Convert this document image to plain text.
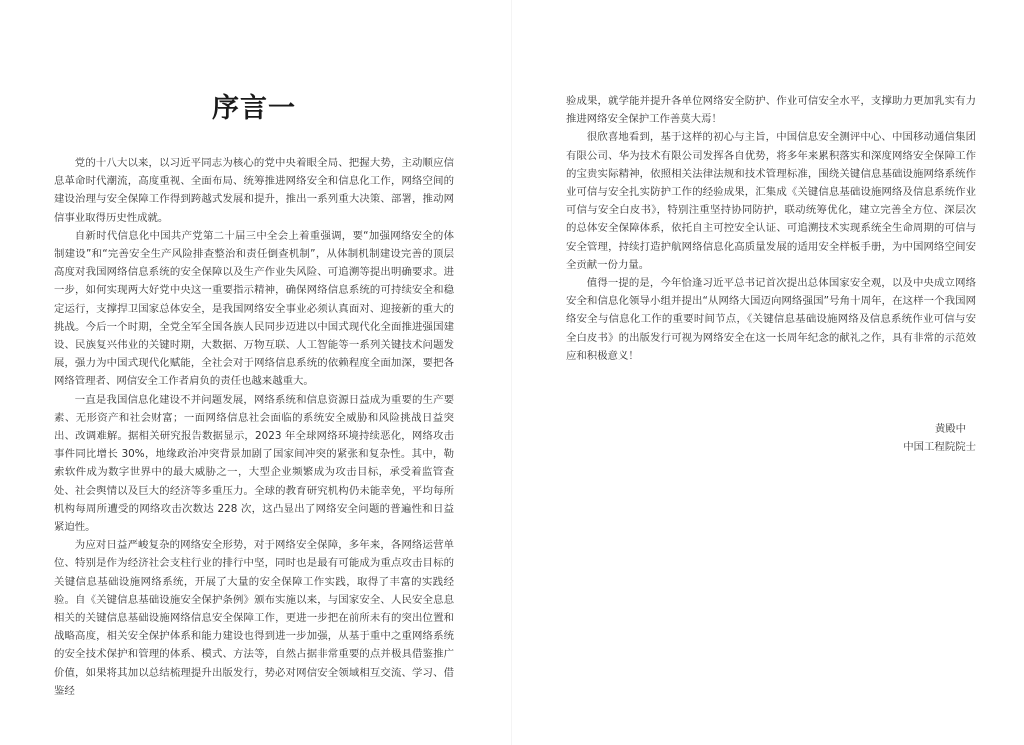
序言一

党的十八大以来，以习近平同志为核心的党中央着眼全局、把握大势，主动顺应信息革命时代潮流，高度重视、全面布局、统筹推进网络安全和信息化工作，网络空间的建设治理与安全保障工作得到跨越式发展和提升，推出一系列重大决策、部署，推动网信事业取得历史性成就。

自新时代信息化中国共产党第二十届三中全会上着重强调，要“加强网络安全的体制建设”和“完善安全生产风险排查整治和责任倒查机制”，从体制机制建设完善的顶层高度对我国网络信息系统的安全保障以及生产作业失风险、可追溯等提出明确要求。进一步，如何实现两大好党中央这一重要指示精神，确保网络信息系统的可持续安全和稳定运行，支撑捍卫国家总体安全，是我国网络安全事业必须认真面对、迎接新的重大的挑战。今后一个时期，全党全军全国各族人民同步迈进以中国式现代化全面推进强国建设、民族复兴伟业的关键时期，大数据、万物互联、人工智能等一系列关键技术问题发展，强力为中国式现代化赋能，全社会对于网络信息系统的依赖程度全面加深，要把各网络管理者、网信安全工作者肩负的责任也越来越重大。

一直是我国信息化建设不并问题发展，网络系统和信息资源日益成为重要的生产要素、无形资产和社会财富；一面网络信息社会面临的系统安全威胁和风险挑战日益突出、改调难解。据相关研究报告数据显示，2023 年全球网络环境持续恶化，网络攻击事件同比增长 30%，地缘政治冲突背景加剧了国家间冲突的紧张和复杂性。其中，勒索软件成为数字世界中的最大威胁之一，大型企业频繁成为攻击目标，承受着监管查处、社会舆情以及巨大的经济等多重压力。全球的教育研究机构仍未能幸免，平均每所机构每周所遭受的网络攻击次数达 228 次，这凸显出了网络安全问题的普遍性和日益紧迫性。

为应对日益严峻复杂的网络安全形势，对于网络安全保障，多年来，各网络运营单位、特别是作为经济社会支柱行业的排行中坚，同时也是最有可能成为重点攻击目标的关键信息基础设施网络系统，开展了大量的安全保障工作实践，取得了丰富的实践经验。自《关键信息基础设施安全保护条例》颁布实施以来，与国家安全、人民安全息息相关的关键信息基础设施网络信息安全保障工作，更进一步把在前所未有的突出位置和战略高度，相关安全保护体系和能力建设也得到进一步加强，从基于重中之重网络系统的安全技术保护和管理的体系、模式、方法等，自然占据非常重要的点并极具借鉴推广价值，如果将其加以总结梳理提升出版发行，势必对网信安全领域相互交流、学习、借鉴经

验成果，就学能并提升各单位网络安全防护、作业可信安全水平，支撑助力更加乳实有力推进网络安全保护工作善莫大焉！

很欣喜地看到，基于这样的初心与主旨，中国信息安全测评中心、中国移动通信集团有限公司、华为技术有限公司发挥各自优势，将多年来累积落实和深度网络安全保障工作的宝贵实际精神，依照相关法律法规和技术管理标准，围绕关键信息基础设施网络系统作业可信与安全扎实防护工作的经验成果，汇集成《关键信息基础设施网络及信息系统作业可信与安全白皮书》，特别注重坚持协同防护，联动统筹优化，建立完善全方位、深层次的总体安全保障体系，依托自主可控安全认证、可追溯技术实现系统全生命周期的可信与安全管理，持续打造护航网络信息化高质量发展的适用安全样板手册，为中国网络空间安全贡献一份力量。

值得一提的是，今年恰逢习近平总书记首次提出总体国家安全观，以及中央成立网络安全和信息化领导小组并提出“从网络大国迈向网络强国”号角十周年，在这样一个我国网络安全与信息化工作的重要时间节点，《关键信息基础设施网络及信息系统作业可信与安全白皮书》的出版发行可视为网络安全在这一长周年纪念的献礼之作，具有非常的示范效应和积极意义！

黄殿中
中国工程院院士
